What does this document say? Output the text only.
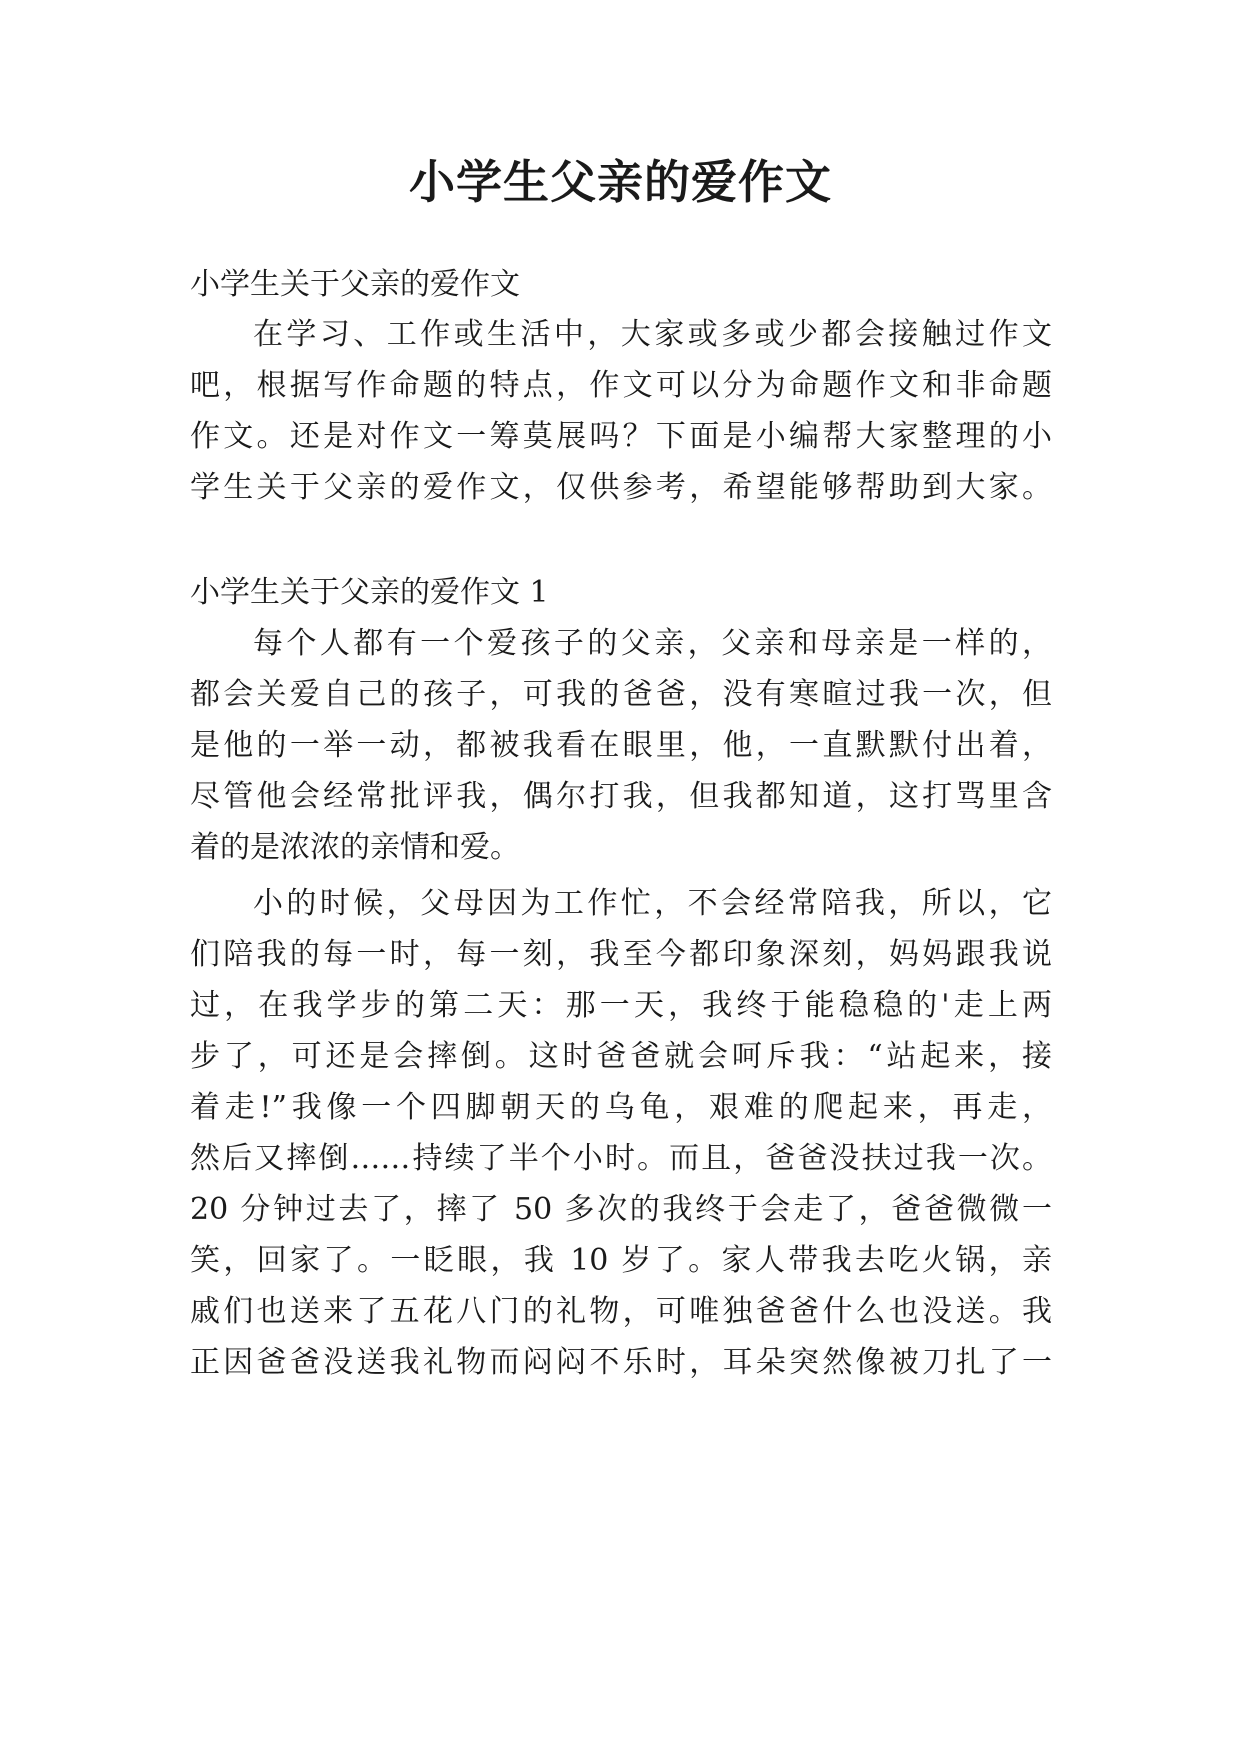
小学生父亲的爱作文

小学生关于父亲的爱作文

在学习、工作或生活中，大家或多或少都会接触过作文

吧，根据写作命题的特点，作文可以分为命题作文和非命题

作文。还是对作文一筹莫展吗？下面是小编帮大家整理的小

学生关于父亲的爱作文，仅供参考，希望能够帮助到大家。

小学生关于父亲的爱作文 1

每个人都有一个爱孩子的父亲，父亲和母亲是一样的，

都会关爱自己的孩子，可我的爸爸，没有寒暄过我一次，但

是他的一举一动，都被我看在眼里，他，一直默默付出着，

尽管他会经常批评我，偶尔打我，但我都知道，这打骂里含

着的是浓浓的亲情和爱。

小的时候，父母因为工作忙，不会经常陪我，所以，它

们陪我的每一时，每一刻，我至今都印象深刻，妈妈跟我说

过，在我学步的第二天：那一天，我终于能稳稳的'走上两

步了，可还是会摔倒。这时爸爸就会呵斥我：“站起来，接

着走!”我像一个四脚朝天的乌龟，艰难的爬起来，再走，

然后又摔倒……持续了半个小时。而且，爸爸没扶过我一次。

20 分钟过去了，摔了 50 多次的我终于会走了，爸爸微微一

笑，回家了。一眨眼，我 10 岁了。家人带我去吃火锅，亲

戚们也送来了五花八门的礼物，可唯独爸爸什么也没送。我

正因爸爸没送我礼物而闷闷不乐时，耳朵突然像被刀扎了一
